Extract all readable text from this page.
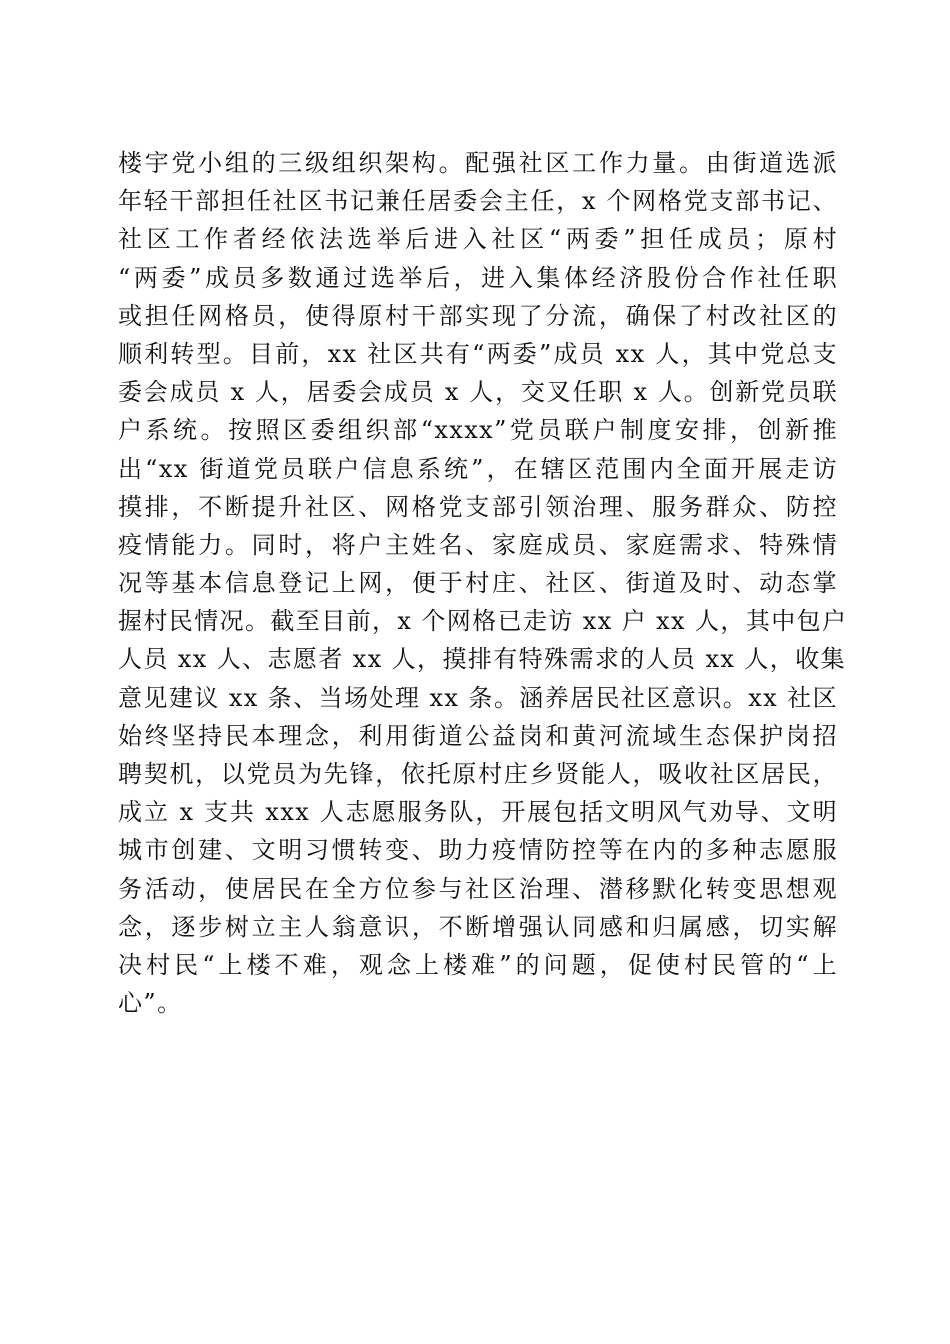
楼宇党小组的三级组织架构。配强社区工作力量。由街道选派
年轻干部担任社区书记兼任居委会主任，x 个网格党支部书记、
社区工作者经依法选举后进入社区“两委”担任成员；原村
“两委”成员多数通过选举后，进入集体经济股份合作社任职
或担任网格员，使得原村干部实现了分流，确保了村改社区的
顺利转型。目前，xx 社区共有“两委”成员 xx 人，其中党总支
委会成员 x 人，居委会成员 x 人，交叉任职 x 人。创新党员联
户系统。按照区委组织部“xxxx”党员联户制度安排，创新推
出“xx 街道党员联户信息系统”，在辖区范围内全面开展走访
摸排，不断提升社区、网格党支部引领治理、服务群众、防控
疫情能力。同时，将户主姓名、家庭成员、家庭需求、特殊情
况等基本信息登记上网，便于村庄、社区、街道及时、动态掌
握村民情况。截至目前，x 个网格已走访 xx 户 xx 人，其中包户
人员 xx 人、志愿者 xx 人，摸排有特殊需求的人员 xx 人，收集
意见建议 xx 条、当场处理 xx 条。涵养居民社区意识。xx 社区
始终坚持民本理念，利用街道公益岗和黄河流域生态保护岗招
聘契机，以党员为先锋，依托原村庄乡贤能人，吸收社区居民，
成立 x 支共 xxx 人志愿服务队，开展包括文明风气劝导、文明
城市创建、文明习惯转变、助力疫情防控等在内的多种志愿服
务活动，使居民在全方位参与社区治理、潜移默化转变思想观
念，逐步树立主人翁意识，不断增强认同感和归属感，切实解
决村民“上楼不难，观念上楼难”的问题，促使村民管的“上
心”。
